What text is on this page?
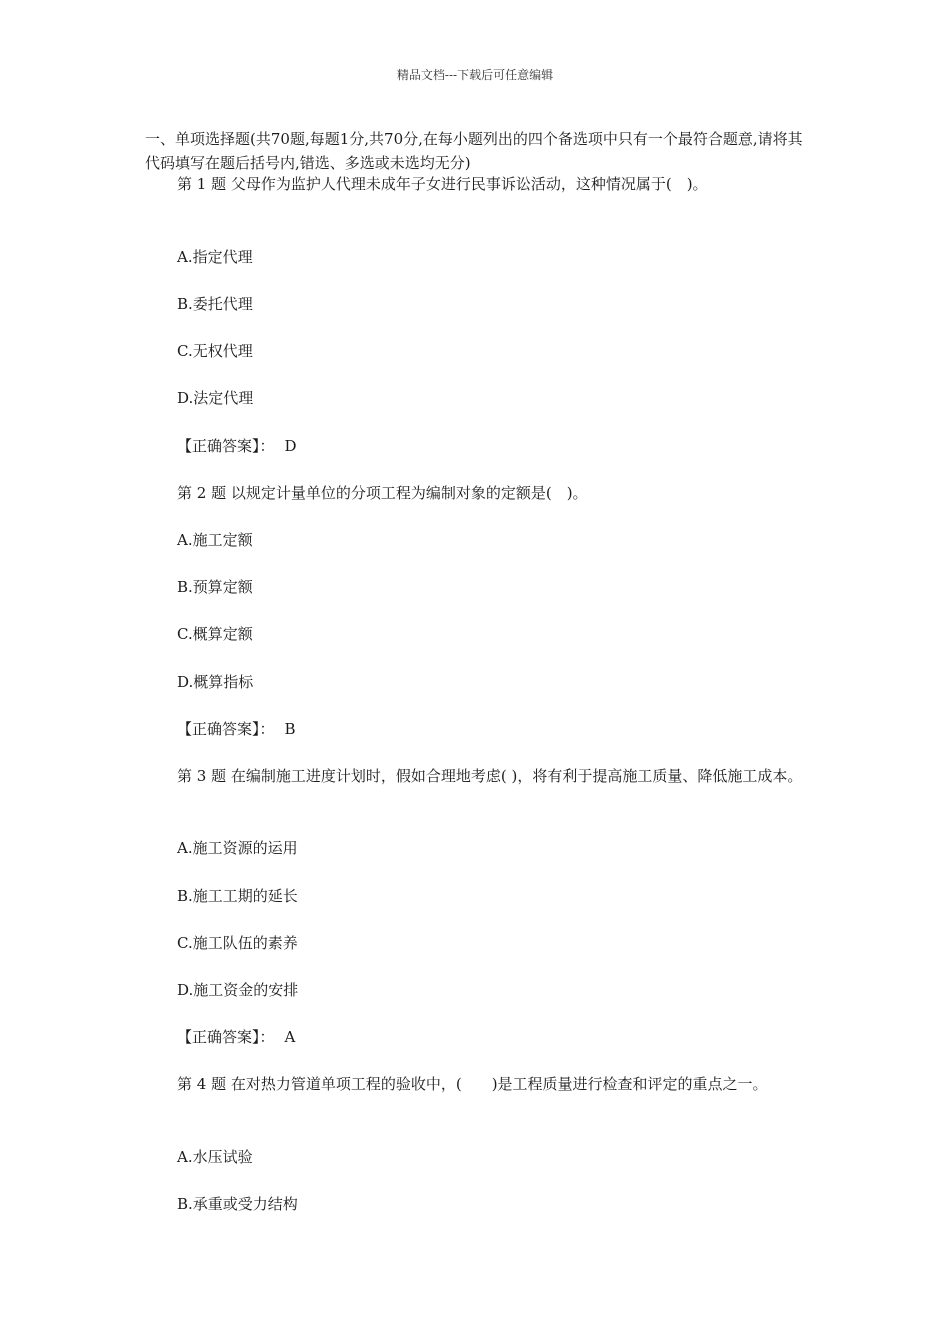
精品文档---下载后可任意编辑
一、单项选择题(共70题,每题1分,共70分,在每小题列出的四个备选项中只有一个最符合题意,请将其代码填写在题后括号内,错选、多选或未选均无分)
第 1 题 父母作为监护人代理未成年子女进行民事诉讼活动，这种情况属于(　)。
A.指定代理
B.委托代理
C.无权代理
D.法定代理
【正确答案】： D
第 2 题 以规定计量单位的分项工程为编制对象的定额是(　)。
A.施工定额
B.预算定额
C.概算定额
D.概算指标
【正确答案】： B
第 3 题 在编制施工进度计划时，假如合理地考虑( )，将有利于提高施工质量、降低施工成本。
A.施工资源的运用
B.施工工期的延长
C.施工队伍的素养
D.施工资金的安排
【正确答案】： A
第 4 题 在对热力管道单项工程的验收中，(　　)是工程质量进行检查和评定的重点之一。
A.水压试验
B.承重或受力结构
